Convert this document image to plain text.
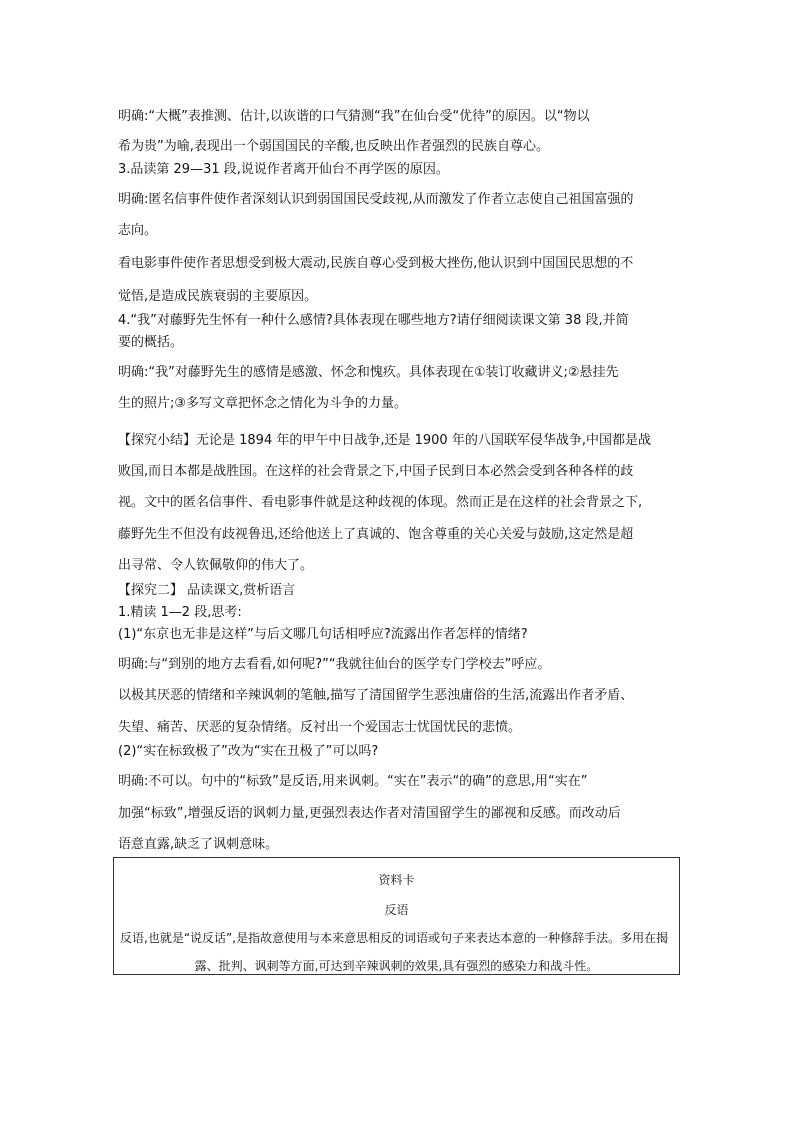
明确:“大概”表推测、估计,以诙谐的口气猜测“我”在仙台受“优待”的原因。以“物以
希为贵”为喻,表现出一个弱国国民的辛酸,也反映出作者强烈的民族自尊心。
3.品读第 29—31 段,说说作者离开仙台不再学医的原因。
明确:匿名信事件使作者深刻认识到弱国国民受歧视,从而激发了作者立志使自己祖国富强的
志向。
看电影事件使作者思想受到极大震动,民族自尊心受到极大挫伤,他认识到中国国民思想的不
觉悟,是造成民族衰弱的主要原因。
4.“我”对藤野先生怀有一种什么感情?具体表现在哪些地方?请仔细阅读课文第 38 段,并简
要的概括。
明确:“我”对藤野先生的感情是感激、怀念和愧疚。具体表现在①装订收藏讲义;②悬挂先
生的照片;③多写文章把怀念之情化为斗争的力量。
【探究小结】无论是 1894 年的甲午中日战争,还是 1900 年的八国联军侵华战争,中国都是战
败国,而日本都是战胜国。在这样的社会背景之下,中国子民到日本必然会受到各种各样的歧
视。文中的匿名信事件、看电影事件就是这种歧视的体现。然而正是在这样的社会背景之下,
藤野先生不但没有歧视鲁迅,还给他送上了真诚的、饱含尊重的关心关爱与鼓励,这定然是超
出寻常、令人钦佩敬仰的伟大了。
【探究二】 品读课文,赏析语言
1.精读 1—2 段,思考:
(1)“东京也无非是这样”与后文哪几句话相呼应?流露出作者怎样的情绪?
明确:与“到别的地方去看看,如何呢?”“我就往仙台的医学专门学校去”呼应。
以极其厌恶的情绪和辛辣讽刺的笔触,描写了清国留学生恶浊庸俗的生活,流露出作者矛盾、
失望、痛苦、厌恶的复杂情绪。反衬出一个爱国志士忧国忧民的悲愤。
(2)“实在标致极了”改为“实在丑极了”可以吗?
明确:不可以。句中的“标致”是反语,用来讽刺。“实在”表示“的确”的意思,用“实在”
加强“标致”,增强反语的讽刺力量,更强烈表达作者对清国留学生的鄙视和反感。而改动后
语意直露,缺乏了讽刺意味。
资料卡
反语
反语,也就是“说反话”,是指故意使用与本来意思相反的词语或句子来表达本意的一种修辞手法。多用在揭
露、批判、讽刺等方面,可达到辛辣讽刺的效果,具有强烈的感染力和战斗性。
